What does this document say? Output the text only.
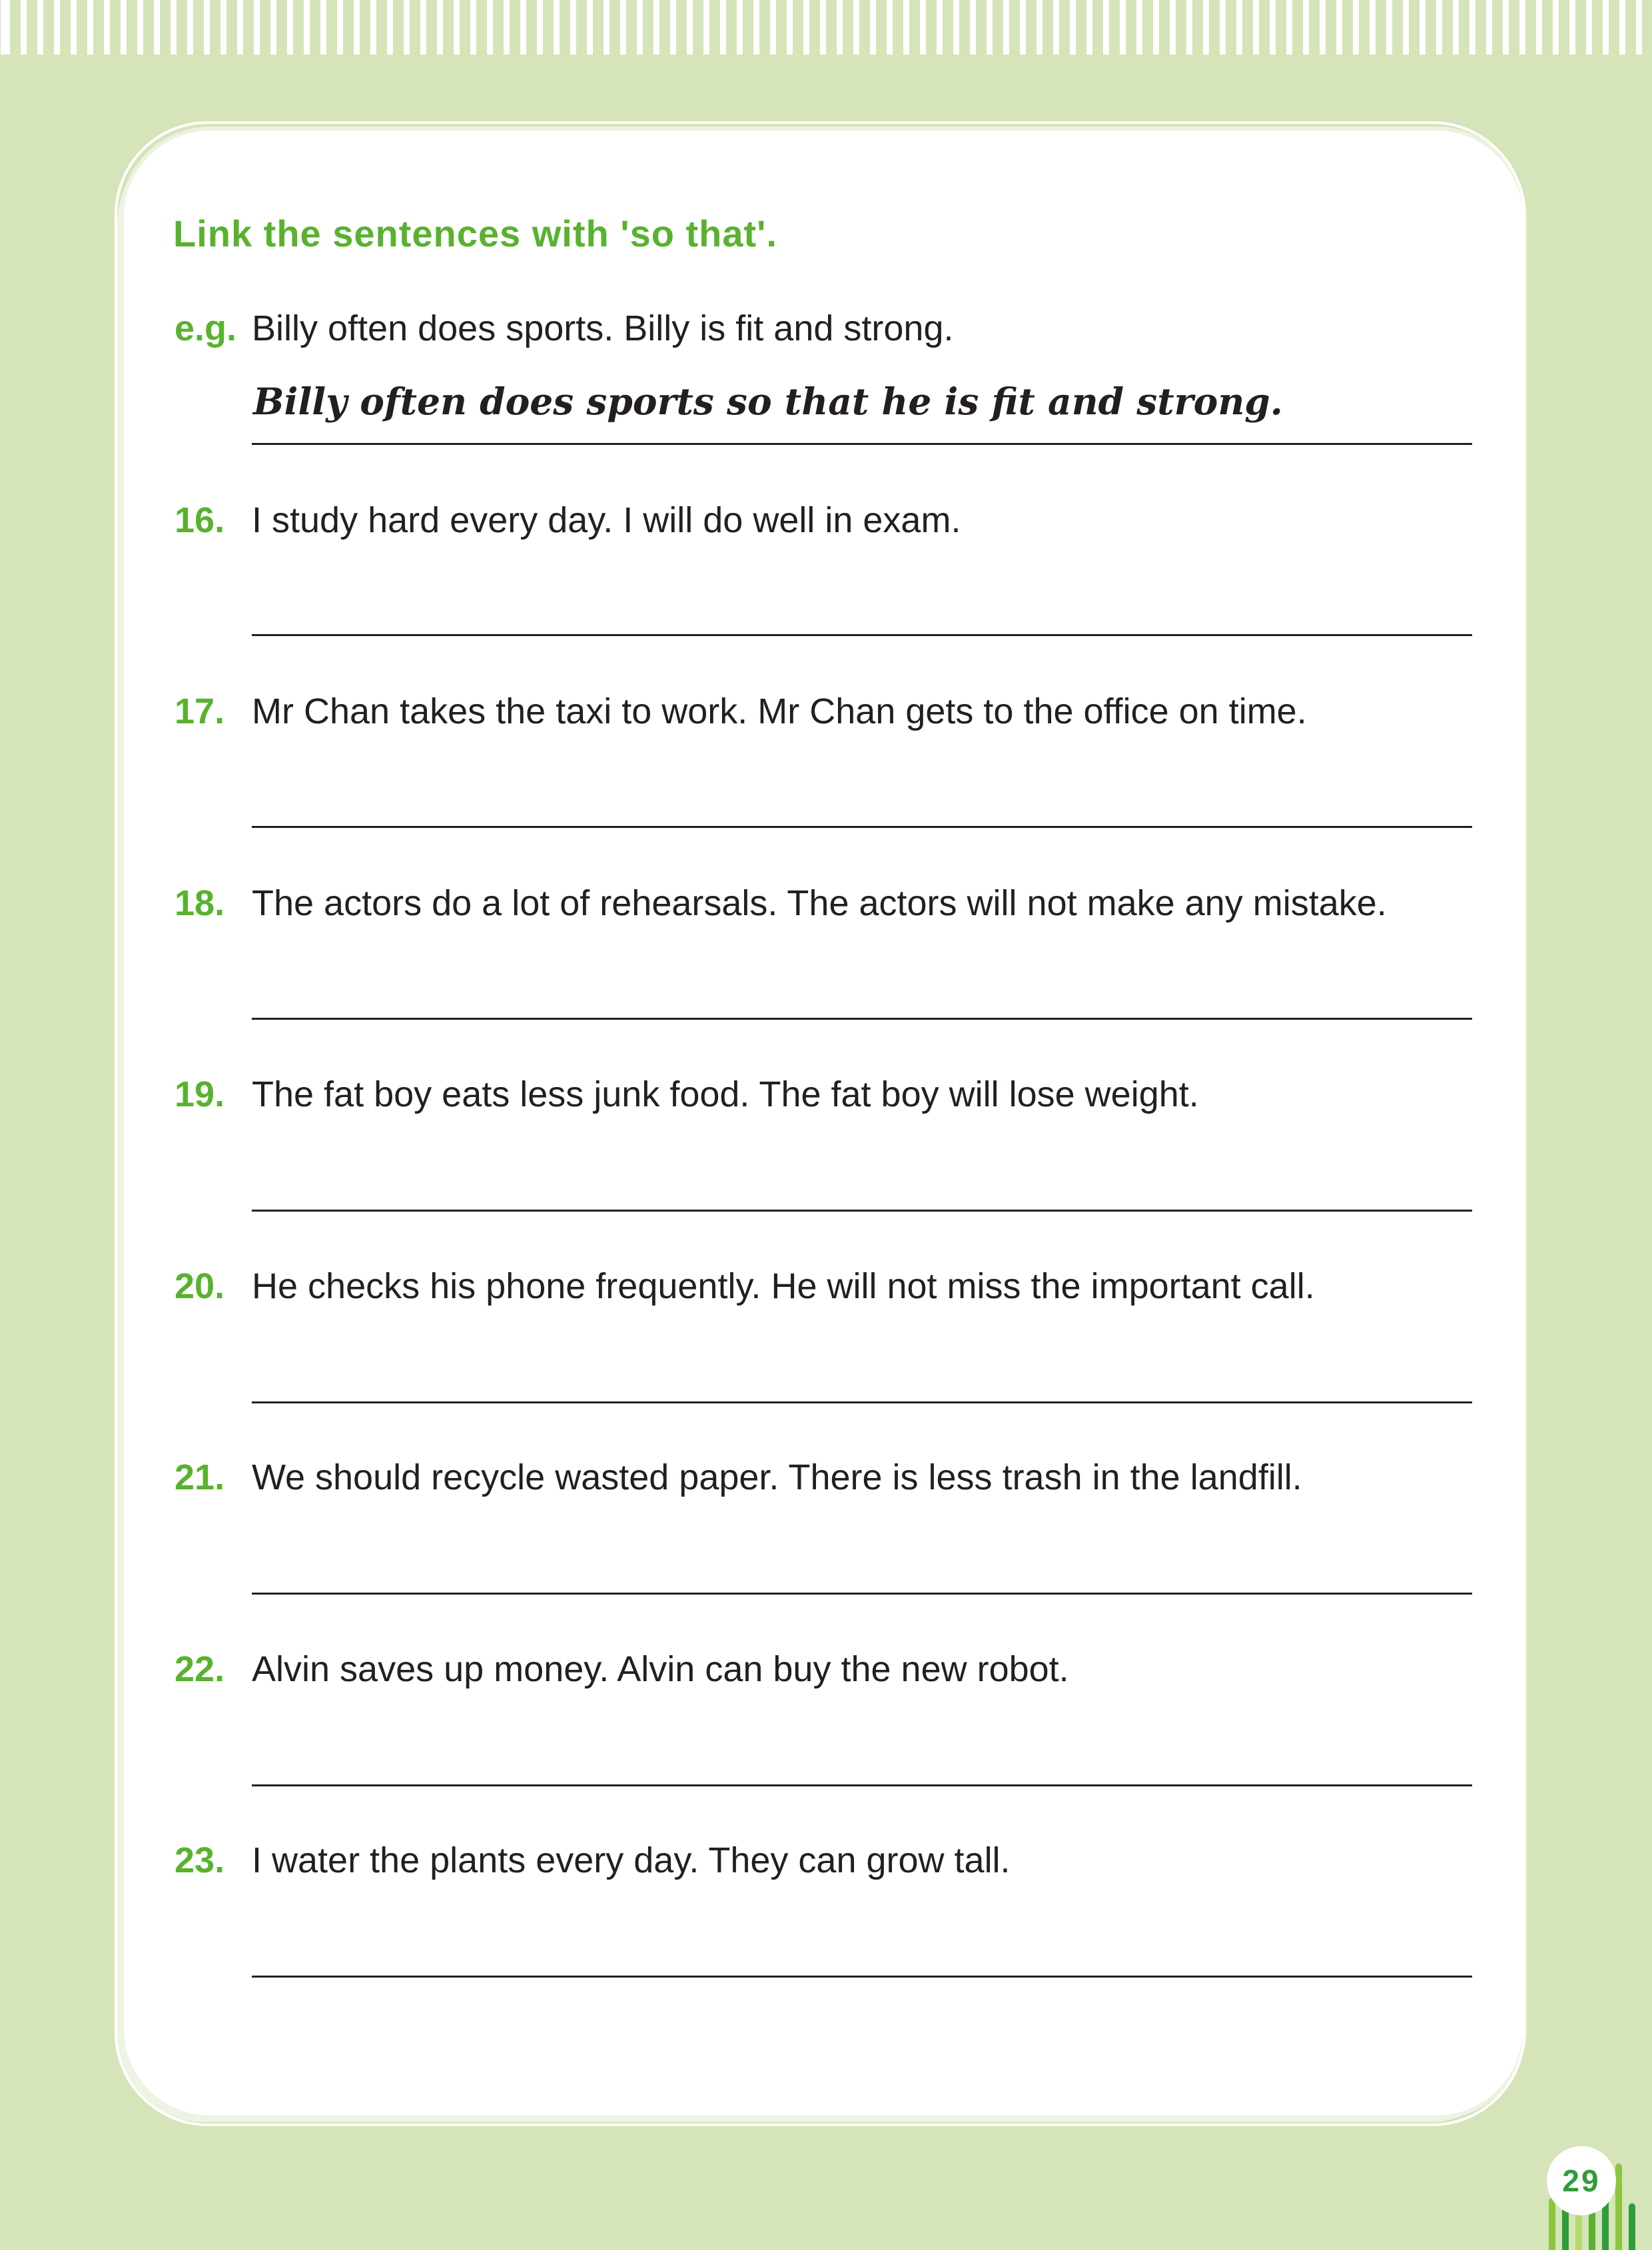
Link the sentences with 'so that'.
e.g. Billy often does sports. Billy is fit and strong.
Billy often does sports so that he is fit and strong.
16. I study hard every day. I will do well in exam.
17. Mr Chan takes the taxi to work. Mr Chan gets to the office on time.
18. The actors do a lot of rehearsals. The actors will not make any mistake.
19. The fat boy eats less junk food. The fat boy will lose weight.
20. He checks his phone frequently. He will not miss the important call.
21. We should recycle wasted paper. There is less trash in the landfill.
22. Alvin saves up money. Alvin can buy the new robot.
23. I water the plants every day. They can grow tall.
29
